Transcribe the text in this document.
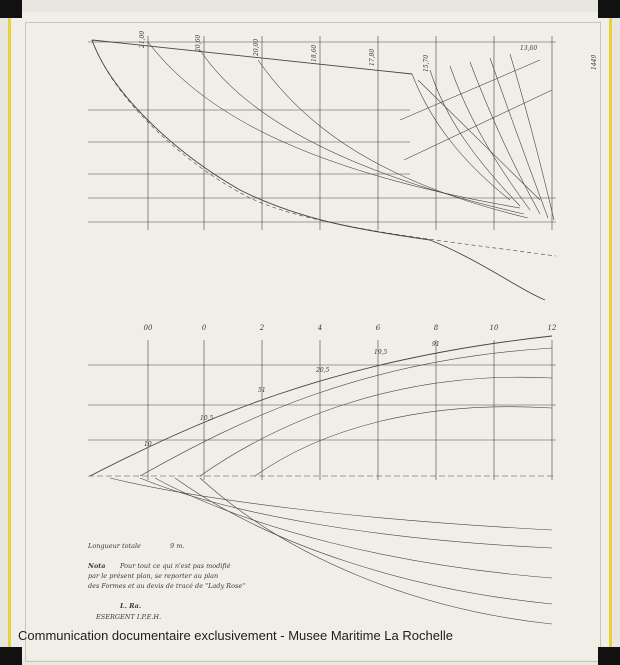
00	0	2	4	6	8	10	12
21,00	20,60	20,00	18,60	17,80	15,70
13,60
10
10,5
51
20,5
19,5
91
1449
Longueur totale	9 m.
Nota Pour tout ce qui n'est pas modifié
par le présent plan, se reporter au plan
des Formes et au devis de tracé de "Lady Rose"
L. Ra.
ESERGENT I.P.E.H.
Communication documentaire exclusivement - Musee Maritime La Rochelle
